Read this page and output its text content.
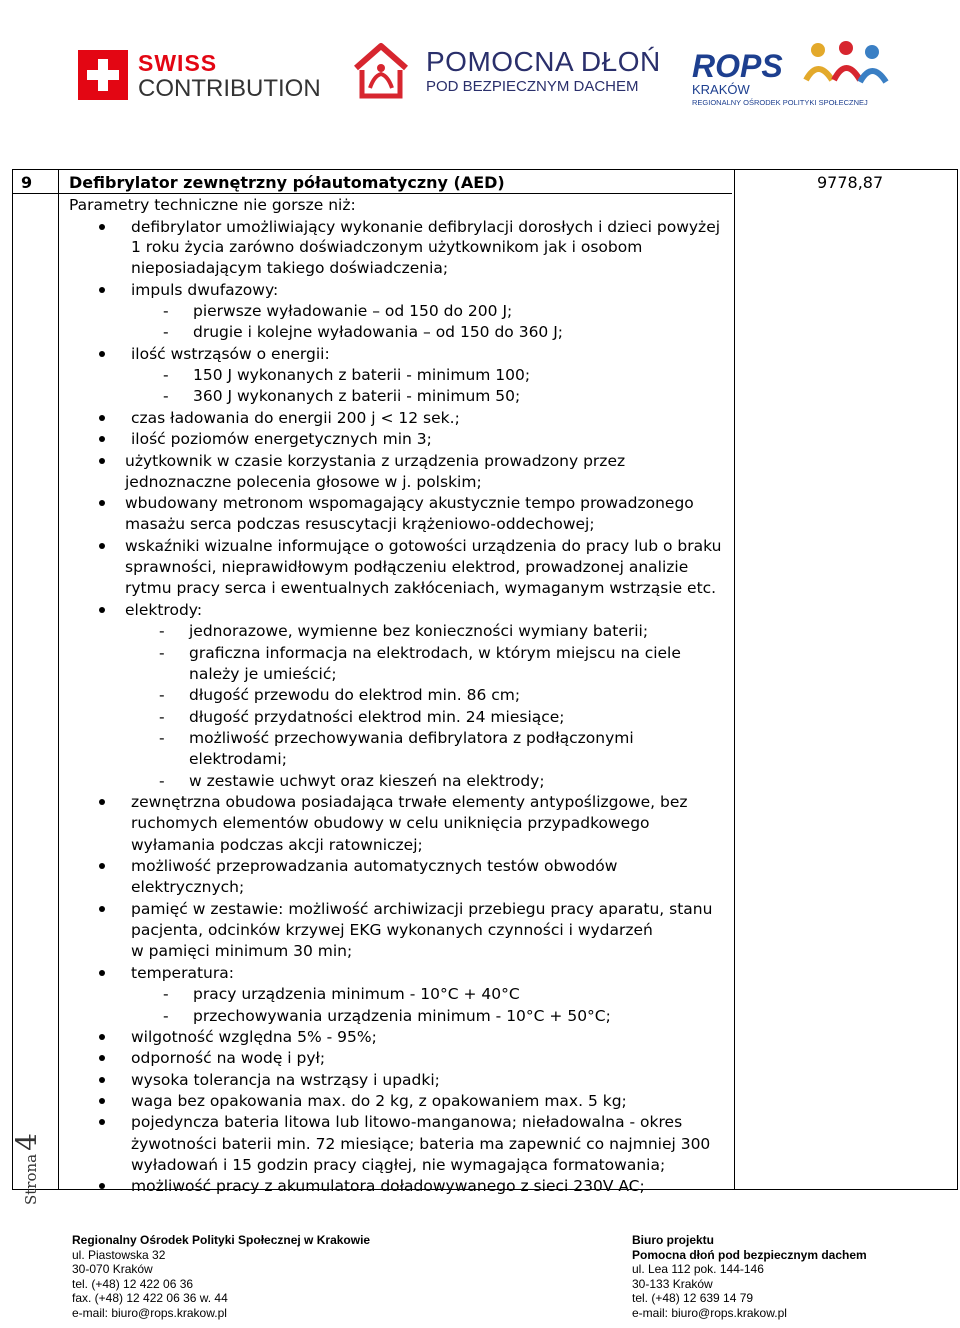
SWISS
CONTRIBUTION
POMOCNA DŁOŃ
POD BEZPIECZNYM DACHEM
ROPS
KRAKÓW
REGIONALNY OŚRODEK POLITYKI SPOŁECZNEJ
9 Defibrylator zewnętrzny półautomatyczny (AED)	9778,87
Parametry techniczne nie gorsze niż:
defibrylator umożliwiający wykonanie defibrylacji dorosłych i dzieci powyżej
1 roku życia zarówno doświadczonym użytkownikom jak i osobom
nieposiadającym takiego doświadczenia;
impuls dwufazowy:
- pierwsze wyładowanie – od 150 do 200 J;
- drugie i kolejne wyładowania – od 150 do 360 J;
ilość wstrząsów o energii:
- 150 J wykonanych z baterii - minimum 100;
- 360 J wykonanych z baterii - minimum 50;
czas ładowania do energii 200 j < 12 sek.;
ilość poziomów energetycznych min 3;
użytkownik w czasie korzystania z urządzenia prowadzony przez
jednoznaczne polecenia głosowe w j. polskim;
wbudowany metronom wspomagający akustycznie tempo prowadzonego
masażu serca podczas resuscytacji krążeniowo-oddechowej;
wskaźniki wizualne informujące o gotowości urządzenia do pracy lub o braku
sprawności, nieprawidłowym podłączeniu elektrod, prowadzonej analizie
rytmu pracy serca i ewentualnych zakłóceniach, wymaganym wstrząsie etc.
elektrody:
- jednorazowe, wymienne bez konieczności wymiany baterii;
- graficzna informacja na elektrodach, w którym miejscu na ciele
należy je umieścić;
- długość przewodu do elektrod min. 86 cm;
- długość przydatności elektrod min. 24 miesiące;
- możliwość przechowywania defibrylatora z podłączonymi
elektrodami;
- w zestawie uchwyt oraz kieszeń na elektrody;
zewnętrzna obudowa posiadająca trwałe elementy antypoślizgowe, bez
ruchomych elementów obudowy w celu uniknięcia przypadkowego
wyłamania podczas akcji ratowniczej;
możliwość przeprowadzania automatycznych testów obwodów
elektrycznych;
pamięć w zestawie: możliwość archiwizacji przebiegu pracy aparatu, stanu
pacjenta, odcinków krzywej EKG wykonanych czynności i wydarzeń
w pamięci minimum 30 min;
temperatura:
- pracy urządzenia minimum - 10°C + 40°C
- przechowywania urządzenia minimum - 10°C + 50°C;
wilgotność względna 5% - 95%;
odporność na wodę i pył;
wysoka tolerancja na wstrząsy i upadki;
waga bez opakowania max. do 2 kg, z opakowaniem max. 5 kg;
pojedyncza bateria litowa lub litowo-manganowa; nieładowalna - okres
żywotności baterii min. 72 miesiące; bateria ma zapewnić co najmniej 300
wyładowań i 15 godzin pracy ciągłej, nie wymagająca formatowania;
możliwość pracy z akumulatora doładowywanego z sieci 230V AC;
Strona4
Regionalny Ośrodek Polityki Społecznej w Krakowie
ul. Piastowska 32
30-070 Kraków
tel. (+48) 12 422 06 36
fax. (+48) 12 422 06 36 w. 44
e-mail: biuro@rops.krakow.pl
Biuro projektu
Pomocna dłoń pod bezpiecznym dachem
ul. Lea 112 pok. 144-146
30-133 Kraków
tel. (+48) 12 639 14 79
e-mail: biuro@rops.krakow.pl
